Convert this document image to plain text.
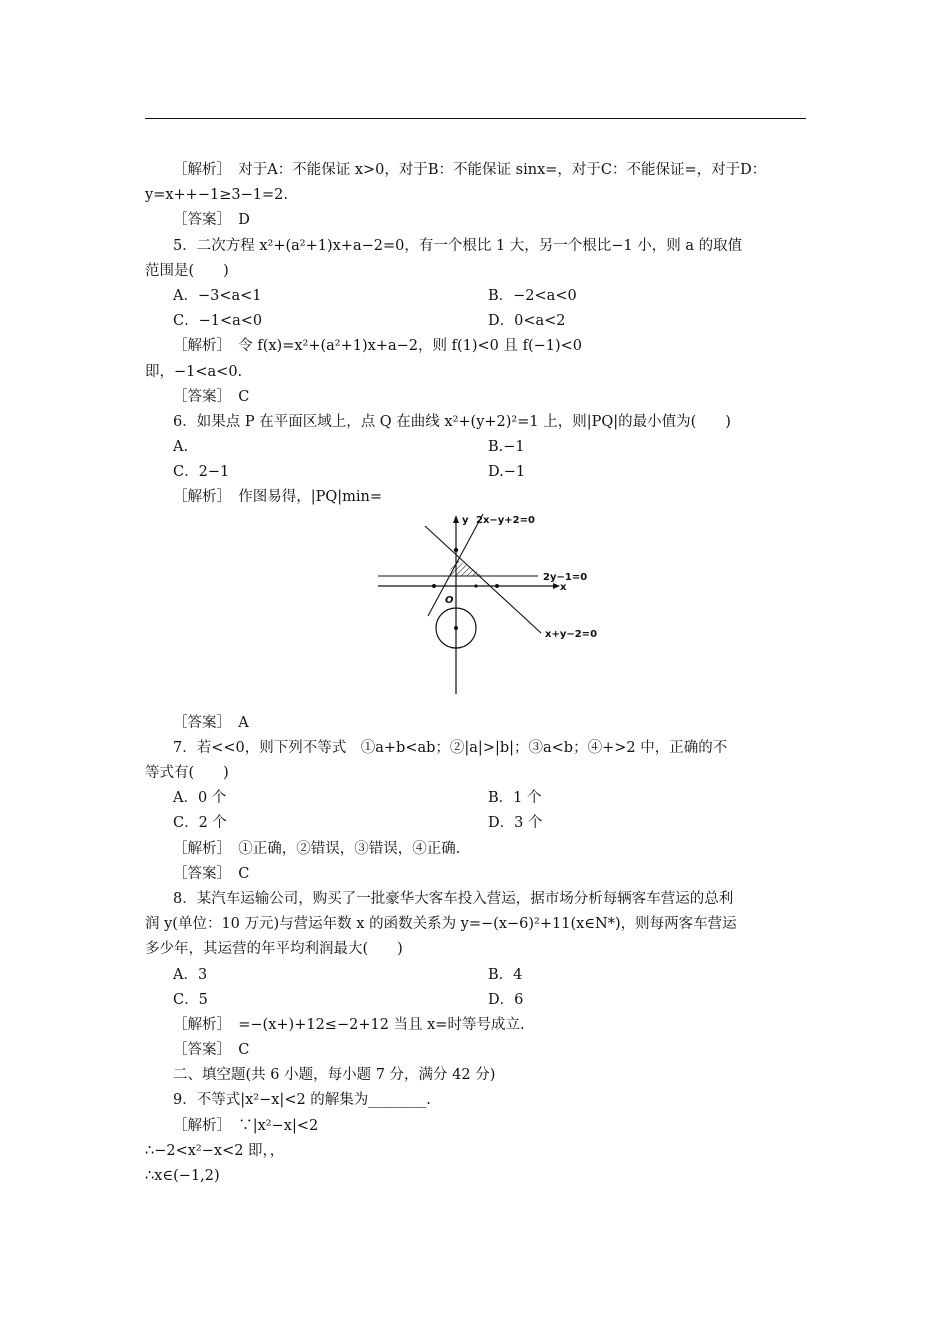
［解析］　对于A：不能保证 x>0，对于B：不能保证 sinx=，对于C：不能保证=，对于D：
y=x++−1≥3−1=2.
［答案］　D
5．二次方程 x²+(a²+1)x+a−2=0，有一个根比 1 大，另一个根比−1 小，则 a 的取值
范围是(　　)
A．−3<a<1	B．−2<a<0
C．−1<a<0	D．0<a<2
［解析］　令 f(x)=x²+(a²+1)x+a−2，则 f(1)<0 且 f(−1)<0
即，−1<a<0.
［答案］　C
6．如果点 P 在平面区域上，点 Q 在曲线 x²+(y+2)²=1 上，则|PQ|的最小值为(　　)
A.	B.−1
C．2−1	D.−1
［解析］　作图易得，|PQ|min=
x
y
2y−1=0
2x−y+2=0
x+y−2=0
O
［答案］　A
7．若<<0，则下列不等式　①a+b<ab；②|a|>|b|；③a<b；④+>2 中，正确的不
等式有(　　)
A．0 个	B．1 个
C．2 个	D．3 个
［解析］　①正确，②错误，③错误，④正确.
［答案］　C
8．某汽车运输公司，购买了一批豪华大客车投入营运，据市场分析每辆客车营运的总利
润 y(单位：10 万元)与营运年数 x 的函数关系为 y=−(x−6)²+11(x∈N*)，则每两客车营运
多少年，其运营的年平均利润最大(　　)
A．3	B．4
C．5	D．6
［解析］　=−(x+)+12≤−2+12 当且 x=时等号成立.
［答案］　C
二、填空题(共 6 小题，每小题 7 分，满分 42 分)
9．不等式|x²−x|<2 的解集为________.
［解析］　∵|x²−x|<2
∴−2<x²−x<2 即，，
∴x∈(−1,2)
